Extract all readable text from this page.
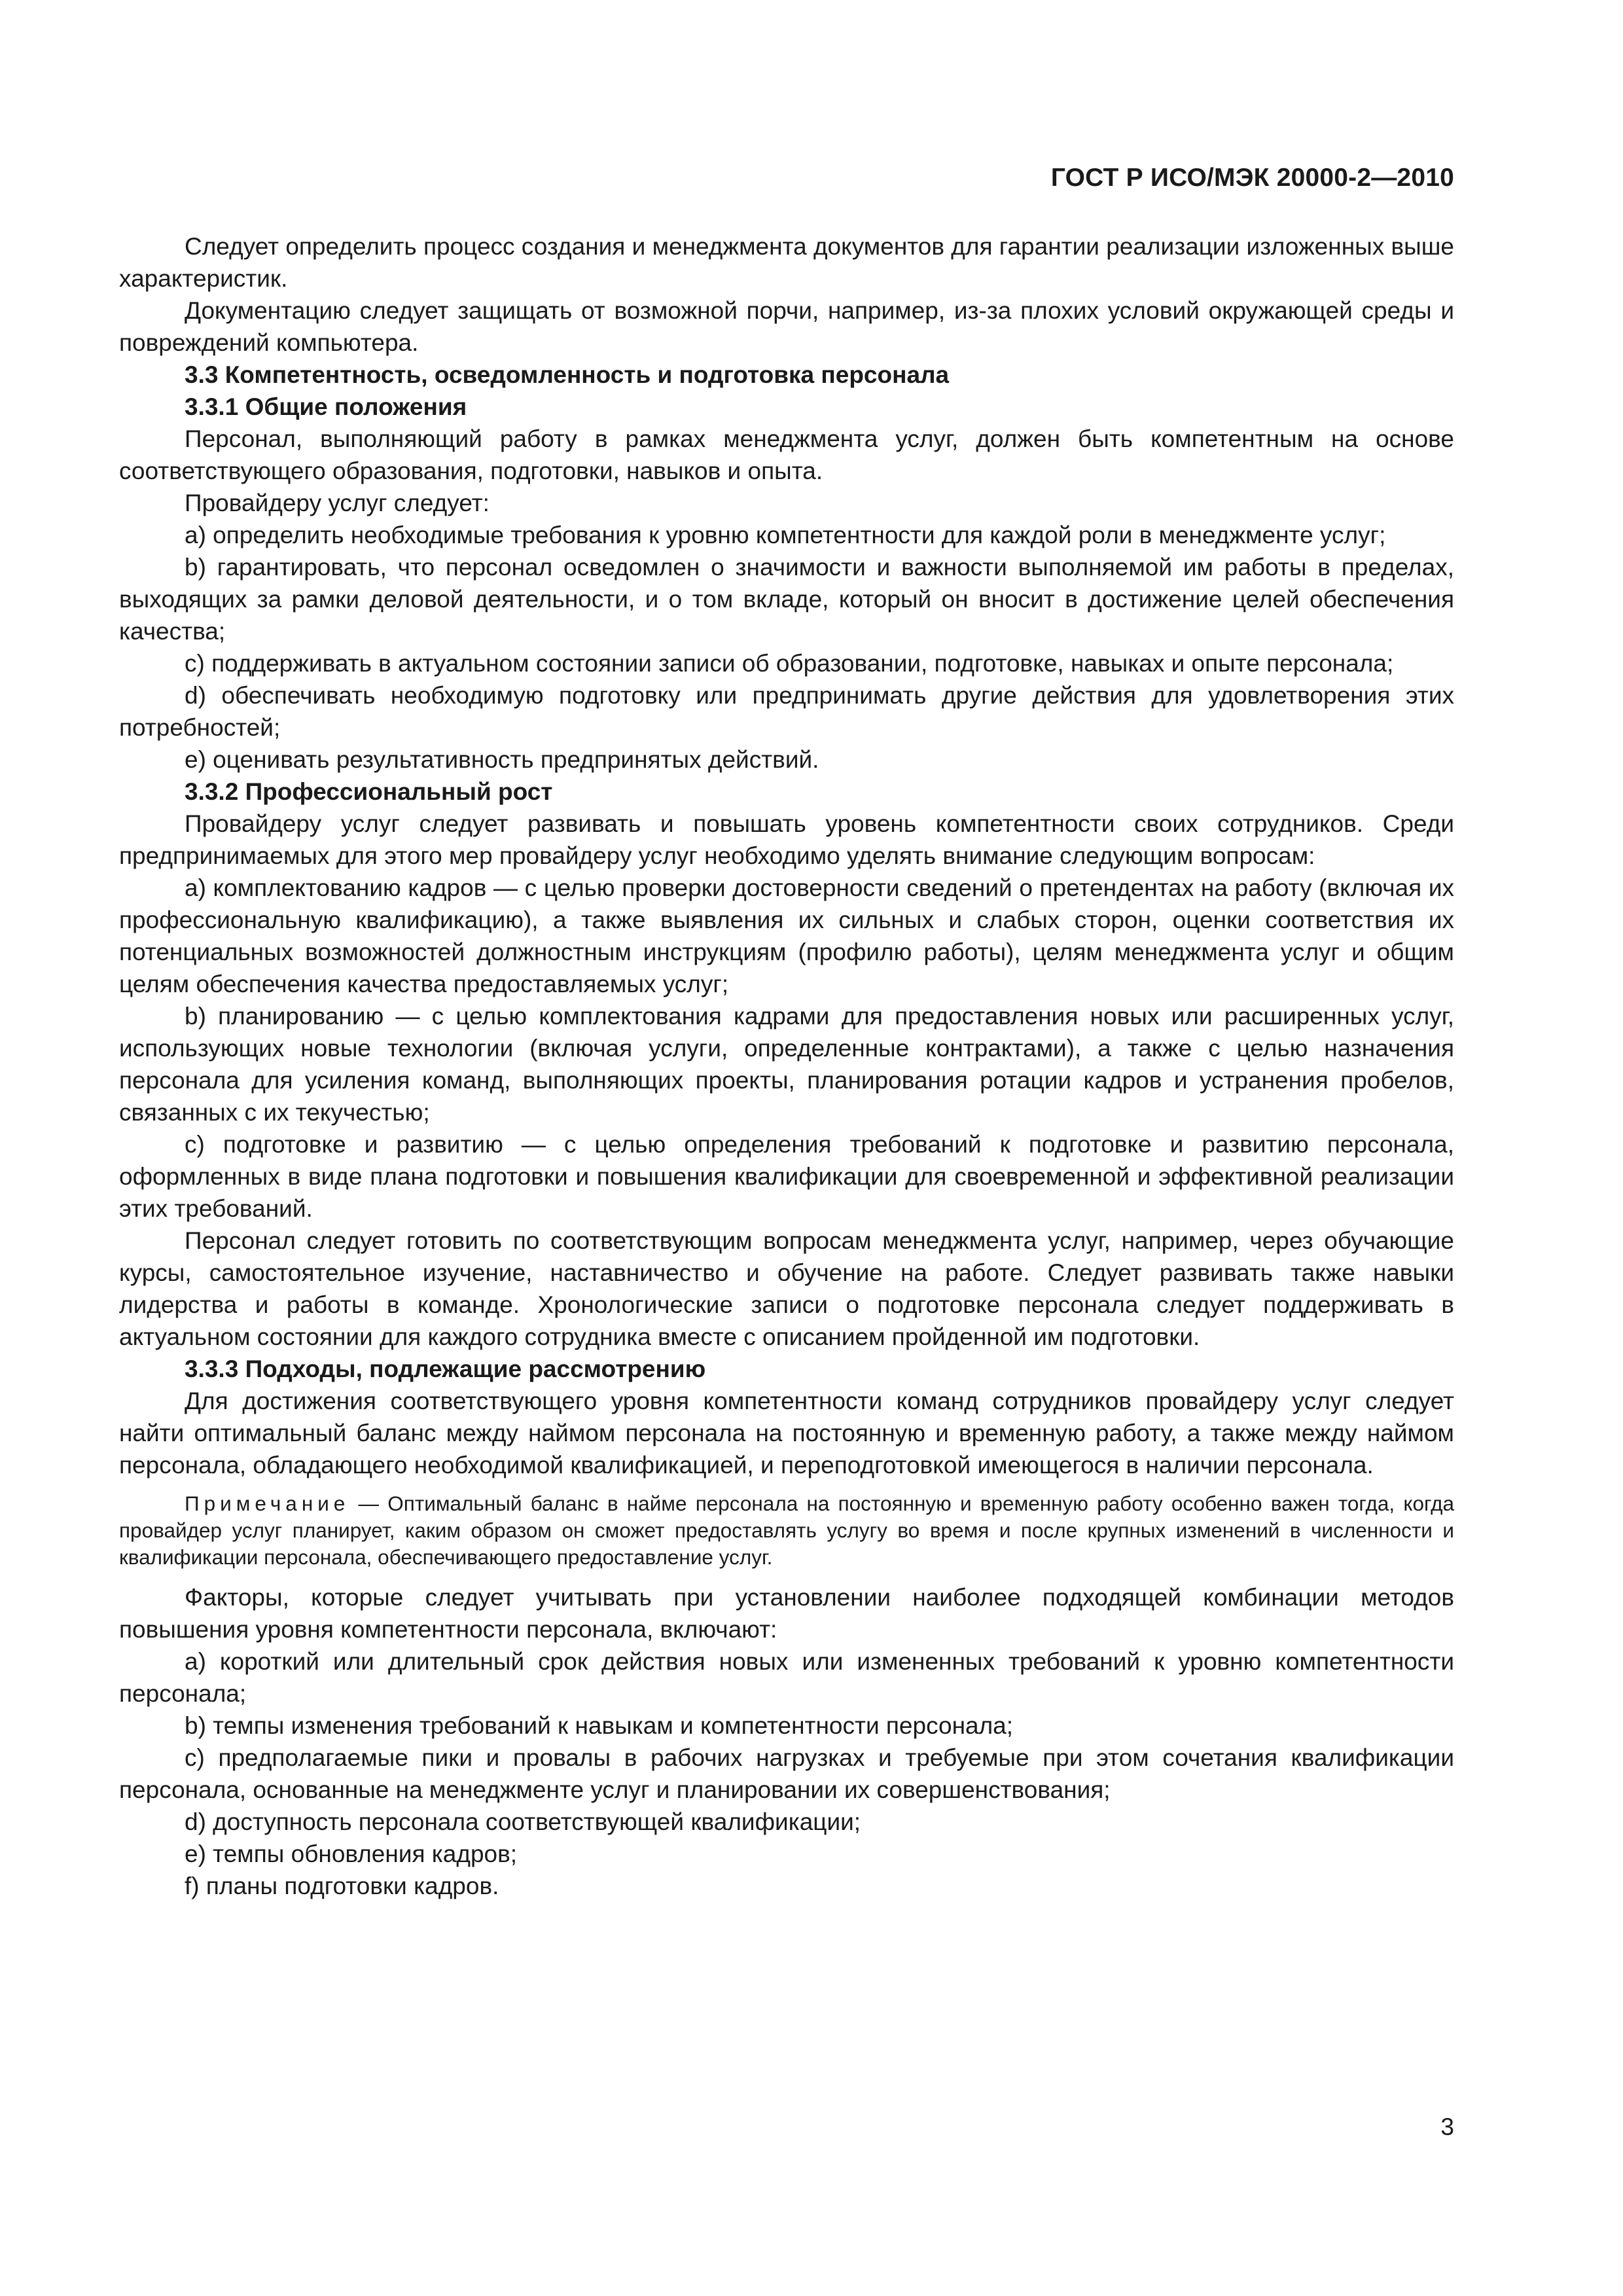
ГОСТ Р ИСО/МЭК 20000-2—2010

Следует определить процесс создания и менеджмента документов для гарантии реализации изложенных выше характеристик.

Документацию следует защищать от возможной порчи, например, из-за плохих условий окружающей среды и повреждений компьютера.

3.3 Компетентность, осведомленность и подготовка персонала

3.3.1 Общие положения

Персонал, выполняющий работу в рамках менеджмента услуг, должен быть компетентным на основе соответствующего образования, подготовки, навыков и опыта.

Провайдеру услуг следует:

a) определить необходимые требования к уровню компетентности для каждой роли в менеджменте услуг;

b) гарантировать, что персонал осведомлен о значимости и важности выполняемой им работы в пределах, выходящих за рамки деловой деятельности, и о том вкладе, который он вносит в достижение целей обеспечения качества;

c) поддерживать в актуальном состоянии записи об образовании, подготовке, навыках и опыте персонала;

d) обеспечивать необходимую подготовку или предпринимать другие действия для удовлетворения этих потребностей;

e) оценивать результативность предпринятых действий.

3.3.2 Профессиональный рост

Провайдеру услуг следует развивать и повышать уровень компетентности своих сотрудников. Среди предпринимаемых для этого мер провайдеру услуг необходимо уделять внимание следующим вопросам:

a) комплектованию кадров — с целью проверки достоверности сведений о претендентах на работу (включая их профессиональную квалификацию), а также выявления их сильных и слабых сторон, оценки соответствия их потенциальных возможностей должностным инструкциям (профилю работы), целям менеджмента услуг и общим целям обеспечения качества предоставляемых услуг;

b) планированию — с целью комплектования кадрами для предоставления новых или расширенных услуг, использующих новые технологии (включая услуги, определенные контрактами), а также с целью назначения персонала для усиления команд, выполняющих проекты, планирования ротации кадров и устранения пробелов, связанных с их текучестью;

c) подготовке и развитию — с целью определения требований к подготовке и развитию персонала, оформленных в виде плана подготовки и повышения квалификации для своевременной и эффективной реализации этих требований.

Персонал следует готовить по соответствующим вопросам менеджмента услуг, например, через обучающие курсы, самостоятельное изучение, наставничество и обучение на работе. Следует развивать также навыки лидерства и работы в команде. Хронологические записи о подготовке персонала следует поддерживать в актуальном состоянии для каждого сотрудника вместе с описанием пройденной им подготовки.

3.3.3 Подходы, подлежащие рассмотрению

Для достижения соответствующего уровня компетентности команд сотрудников провайдеру услуг следует найти оптимальный баланс между наймом персонала на постоянную и временную работу, а также между наймом персонала, обладающего необходимой квалификацией, и переподготовкой имеющегося в наличии персонала.

Примечание — Оптимальный баланс в найме персонала на постоянную и временную работу особенно важен тогда, когда провайдер услуг планирует, каким образом он сможет предоставлять услугу во время и после крупных изменений в численности и квалификации персонала, обеспечивающего предоставление услуг.

Факторы, которые следует учитывать при установлении наиболее подходящей комбинации методов повышения уровня компетентности персонала, включают:

a) короткий или длительный срок действия новых или измененных требований к уровню компетентности персонала;

b) темпы изменения требований к навыкам и компетентности персонала;

c) предполагаемые пики и провалы в рабочих нагрузках и требуемые при этом сочетания квалификации персонала, основанные на менеджменте услуг и планировании их совершенствования;

d) доступность персонала соответствующей квалификации;

e) темпы обновления кадров;

f) планы подготовки кадров.

3
